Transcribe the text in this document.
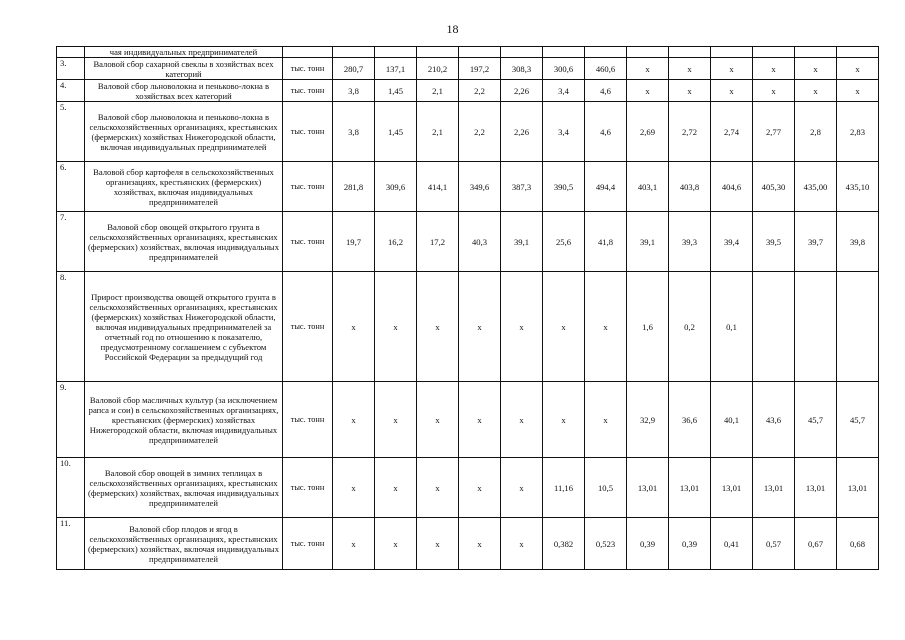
18
	чая индивидуальных предпринимателей														
3.	Валовой сбор сахарной свеклы в хозяйствах всех категорий	тыс. тонн	280,7	137,1	210,2	197,2	308,3	300,6	460,6	x	x	x	x	x	x
4.	Валовой сбор льноволокна и пеньково-локна в хозяйствах всех категорий	тыс. тонн	3,8	1,45	2,1	2,2	2,26	3,4	4,6	x	x	x	x	x	x
5.	Валовой сбор льноволокна и пеньково-локна в сельскохозяйственных организациях, крестьянских (фермерских) хозяйствах Нижегородской области, включая индивидуальных предпринимателей	тыс. тонн	3,8	1,45	2,1	2,2	2,26	3,4	4,6	2,69	2,72	2,74	2,77	2,8	2,83
6.	Валовой сбор картофеля в сельскохозяйственных организациях, крестьянских (фермерских) хозяйствах, включая индивидуальных предпринимателей	тыс. тонн	281,8	309,6	414,1	349,6	387,3	390,5	494,4	403,1	403,8	404,6	405,30	435,00	435,10
7.	Валовой сбор овощей открытого грунта в сельскохозяйственных организациях, крестьянских (фермерских) хозяйствах, включая индивидуальных предпринимателей	тыс. тонн	19,7	16,2	17,2	40,3	39,1	25,6	41,8	39,1	39,3	39,4	39,5	39,7	39,8
8.	Прирост производства овощей открытого грунта в сельскохозяйственных организациях, крестьянских (фермерских) хозяйствах Нижегородской области, включая индивидуальных предпринимателей за отчетный год по отношению к показателю, предусмотренному соглашением с субъектом Российской Федерации за предыдущий год	тыс. тонн	x	x	x	x	x	x	x	1,6	0,2	0,1			
9.	Валовой сбор масличных культур (за исключением рапса и сои) в сельскохозяйственных организациях, крестьянских (фермерских) хозяйствах Нижегородской области, включая индивидуальных предпринимателей	тыс. тонн	x	x	x	x	x	x	x	32,9	36,6	40,1	43,6	45,7	45,7
10.	Валовой сбор овощей в зимних теплицах в сельскохозяйственных организациях, крестьянских (фермерских) хозяйствах, включая индивидуальных предпринимателей	тыс. тонн	x	x	x	x	x	11,16	10,5	13,01	13,01	13,01	13,01	13,01	13,01
11.	Валовой сбор плодов и ягод в сельскохозяйственных организациях, крестьянских (фермерских) хозяйствах, включая индивидуальных предпринимателей	тыс. тонн	x	x	x	x	x	0,382	0,523	0,39	0,39	0,41	0,57	0,67	0,68
